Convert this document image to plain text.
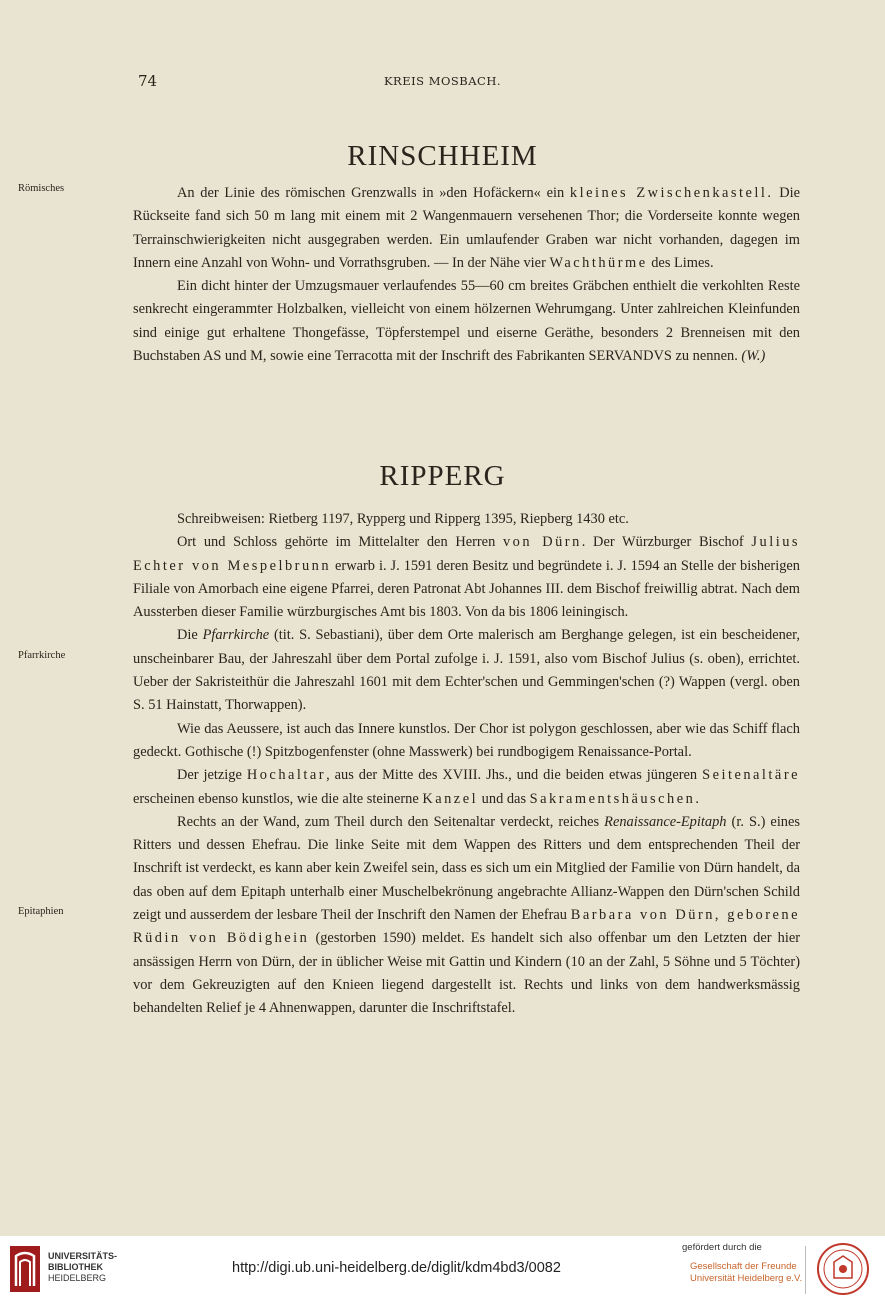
74	KREIS MOSBACH.
RINSCHHEIM
Römisches	An der Linie des römischen Grenzwalls in »den Hofäckern« ein kleines Zwischenkastell. Die Rückseite fand sich 50 m lang mit einem mit 2 Wangenmauern versehenen Thor; die Vorderseite konnte wegen Terrainschwierigkeiten nicht ausgegraben werden. Ein umlaufender Graben war nicht vorhanden, dagegen im Innern eine Anzahl von Wohn- und Vorrathsgruben. — In der Nähe vier Wachthürme des Limes.

Ein dicht hinter der Umzugsmauer verlaufendes 55—60 cm breites Gräbchen enthielt die verkohlten Reste senkrecht eingerammter Holzbalken, vielleicht von einem hölzernen Wehrumgang. Unter zahlreichen Kleinfunden sind einige gut erhaltene Thongefässe, Töpferstempel und eiserne Geräthe, besonders 2 Brenneisen mit den Buchstaben AS und M, sowie eine Terracotta mit der Inschrift des Fabrikanten SERVANDVS zu nennen. (W.)

RIPPERG
Pfarrkirche
Epitaphien

Schreibweisen: Rietberg 1197, Rypperg und Ripperg 1395, Riepberg 1430 etc.

Ort und Schloss gehörte im Mittelalter den Herren von Dürn. Der Würzburger Bischof Julius Echter von Mespelbrunn erwarb i. J. 1591 deren Besitz und begründete i. J. 1594 an Stelle der bisherigen Filiale von Amorbach eine eigene Pfarrei, deren Patronat Abt Johannes III. dem Bischof freiwillig abtrat. Nach dem Aussterben dieser Familie würzburgisches Amt bis 1803. Von da bis 1806 leiningisch.

Die Pfarrkirche (tit. S. Sebastiani), über dem Orte malerisch am Berghange gelegen, ist ein bescheidener, unscheinbarer Bau, der Jahreszahl über dem Portal zufolge i. J. 1591, also vom Bischof Julius (s. oben), errichtet. Ueber der Sakristeithür die Jahreszahl 1601 mit dem Echter'schen und Gemmingen'schen (?) Wappen (vergl. oben S. 51 Hainstatt, Thorwappen).

Wie das Aeussere, ist auch das Innere kunstlos. Der Chor ist polygon geschlossen, aber wie das Schiff flach gedeckt. Gothische (!) Spitzbogenfenster (ohne Masswerk) bei rundbogigem Renaissance-Portal.

Der jetzige Hochaltar, aus der Mitte des XVIII. Jhs., und die beiden etwas jüngeren Seitenaltäre erscheinen ebenso kunstlos, wie die alte steinerne Kanzel und das Sakramentshäuschen.

Rechts an der Wand, zum Theil durch den Seitenaltar verdeckt, reiches Renaissance-Epitaph (r. S.) eines Ritters und dessen Ehefrau. Die linke Seite mit dem Wappen des Ritters und dem entsprechenden Theil der Inschrift ist verdeckt, es kann aber kein Zweifel sein, dass es sich um ein Mitglied der Familie von Dürn handelt, da das oben auf dem Epitaph unterhalb einer Muschelbekrönung angebrachte Allianz-Wappen den Dürn'schen Schild zeigt und ausserdem der lesbare Theil der Inschrift den Namen der Ehefrau Barbara von Dürn, geborene Rüdin von Bödighein (gestorben 1590) meldet. Es handelt sich also offenbar um den Letzten der hier ansässigen Herrn von Dürn, der in üblicher Weise mit Gattin und Kindern (10 an der Zahl, 5 Söhne und 5 Töchter) vor dem Gekreuzigten auf den Knieen liegend dargestellt ist. Rechts und links von dem handwerksmässig behandelten Relief je 4 Ahnenwappen, darunter die Inschriftstafel.

UNIVERSITÄTS-
BIBLIOTHEK
HEIDELBERG
http://digi.ub.uni-heidelberg.de/diglit/kdm4bd3/0082
gefördert durch die
Gesellschaft der Freunde
Universität Heidelberg e.V.
